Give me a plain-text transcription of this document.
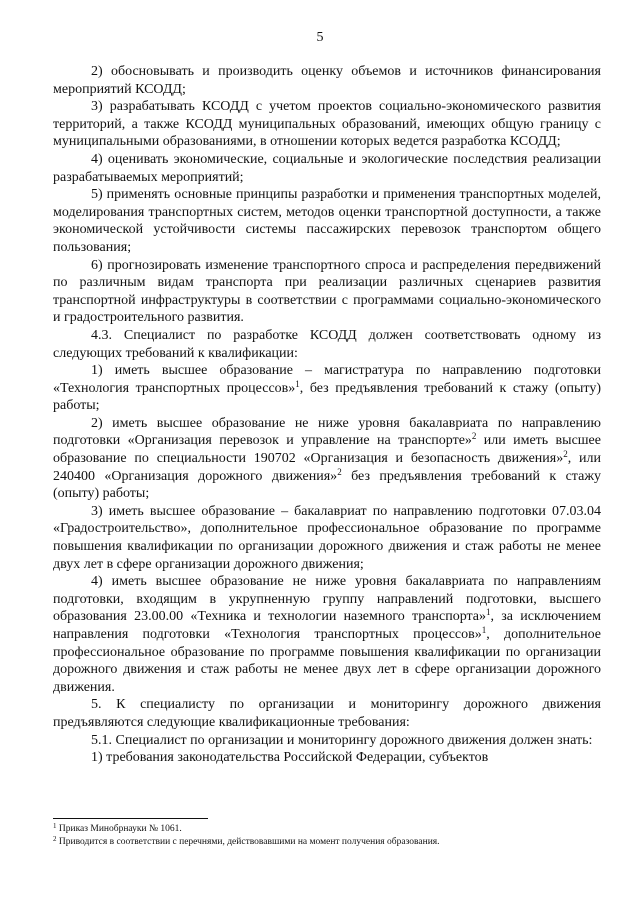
5

2) обосновывать и производить оценку объемов и источников финансирования мероприятий КСОДД;

3) разрабатывать КСОДД с учетом проектов социально-экономического развития территорий, а также КСОДД муниципальных образований, имеющих общую границу с муниципальными образованиями, в отношении которых ведется разработка КСОДД;

4) оценивать экономические, социальные и экологические последствия реализации разрабатываемых мероприятий;

5) применять основные принципы разработки и применения транспортных моделей, моделирования транспортных систем, методов оценки транспортной доступности, а также экономической устойчивости системы пассажирских перевозок транспортом общего пользования;

6) прогнозировать изменение транспортного спроса и распределения передвижений по различным видам транспорта при реализации различных сценариев развития транспортной инфраструктуры в соответствии с программами социально-экономического и градостроительного развития.

4.3. Специалист по разработке КСОДД должен соответствовать одному из следующих требований к квалификации:

1) иметь высшее образование – магистратура по направлению подготовки «Технология транспортных процессов»$^1$, без предъявления требований к стажу (опыту) работы;

2) иметь высшее образование не ниже уровня бакалавриата по направлению подготовки «Организация перевозок и управление на транспорте»$^2$ или иметь высшее образование по специальности 190702 «Организация и безопасность движения»$^2$, или 240400 «Организация дорожного движения»$^2$ без предъявления требований к стажу (опыту) работы;

3) иметь высшее образование – бакалавриат по направлению подготовки 07.03.04 «Градостроительство», дополнительное профессиональное образование по программе повышения квалификации по организации дорожного движения и стаж работы не менее двух лет в сфере организации дорожного движения;

4) иметь высшее образование не ниже уровня бакалавриата по направлениям подготовки, входящим в укрупненную группу направлений подготовки, высшего образования 23.00.00 «Техника и технологии наземного транспорта»$^1$, за исключением направления подготовки «Технология транспортных процессов»$^1$, дополнительное профессиональное образование по программе повышения квалификации по организации дорожного движения и стаж работы не менее двух лет в сфере организации дорожного движения.

5. К специалисту по организации и мониторингу дорожного движения предъявляются следующие квалификационные требования:

5.1. Специалист по организации и мониторингу дорожного движения должен знать:

1) требования законодательства Российской Федерации, субъектов

$^1$ Приказ Минобрнауки № 1061.
$^2$ Приводится в соответствии с перечнями, действовавшими на момент получения образования.
